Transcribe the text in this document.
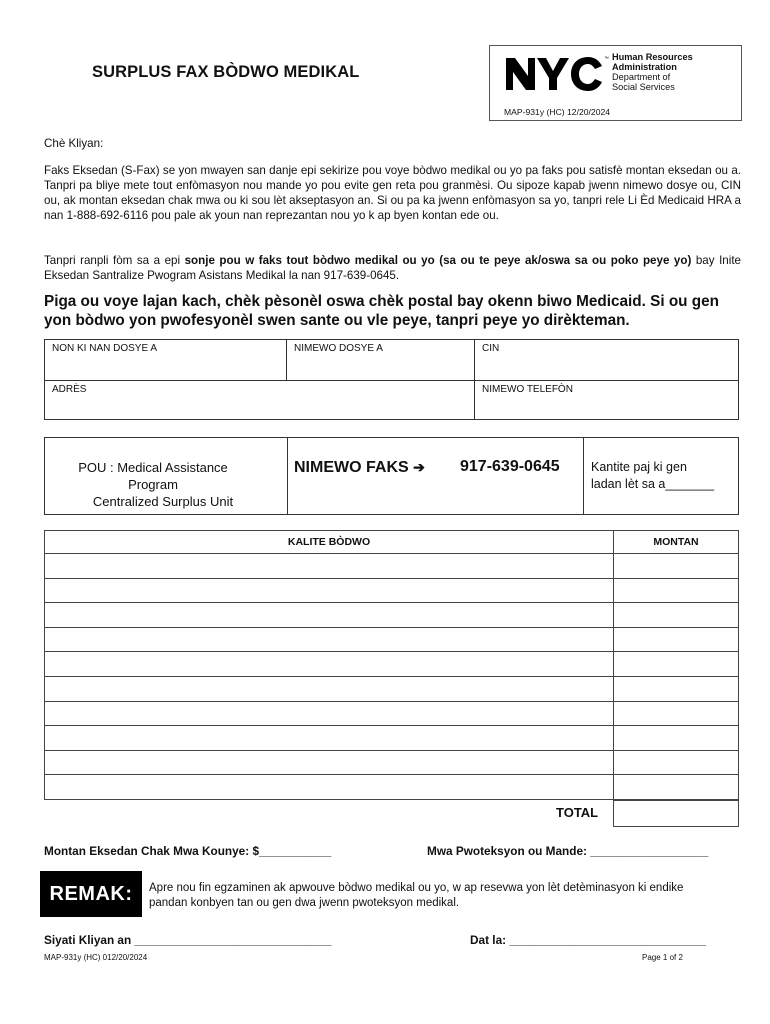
SURPLUS FAX BÒDWO MEDIKAL
™ Human Resources
Administration
Department of
Social Services
MAP-931y (HC) 12/20/2024
Chè Kliyan:
Faks Eksedan (S-Fax) se yon mwayen san danje epi sekirize pou voye bòdwo medikal ou yo pa faks pou satisfè montan eksedan ou a. Tanpri pa bliye mete tout enfòmasyon nou mande yo pou evite gen reta pou granmèsi. Ou sipoze kapab jwenn nimewo dosye ou, CIN ou, ak montan eksedan chak mwa ou ki sou lèt akseptasyon an. Si ou pa ka jwenn enfòmasyon sa yo, tanpri rele Li Èd Medicaid HRA a nan 1-888-692-6116 pou pale ak youn nan reprezantan nou yo k ap byen kontan ede ou.
Tanpri ranpli fòm sa a epi sonje pou w faks tout bòdwo medikal ou yo (sa ou te peye ak/oswa sa ou poko peye yo) bay Inite Eksedan Santralize Pwogram Asistans Medikal la nan 917-639-0645.
Piga ou voye lajan kach, chèk pèsonèl oswa chèk postal bay okenn biwo Medicaid. Si ou gen yon bòdwo yon pwofesyonèl swen sante ou vle peye, tanpri peye yo dirèkteman.
NON KI NAN DOSYE A	NIMEWO DOSYE A	CIN
ADRÈS	NIMEWO TELEFÒN
POU : Medical Assistance Program
Centralized Surplus Unit
NIMEWO FAKS ➔ 917-639-0645	Kantite paj ki gen
ladan lèt sa a_______
KALITE BÒDWO	MONTAN

TOTAL
Montan Eksedan Chak Mwa Kounye: $___________	Mwa Pwoteksyon ou Mande: __________________
REMAK:	Apre nou fin egzaminen ak apwouve bòdwo medikal ou yo, w ap resevwa yon lèt detèminasyon ki endike pandan konbyen tan ou gen dwa jwenn pwoteksyon medikal.
Siyati Kliyan an ______________________________	Dat la: ______________________________
MAP-931y (HC) 012/20/2024	Page 1 of 2
